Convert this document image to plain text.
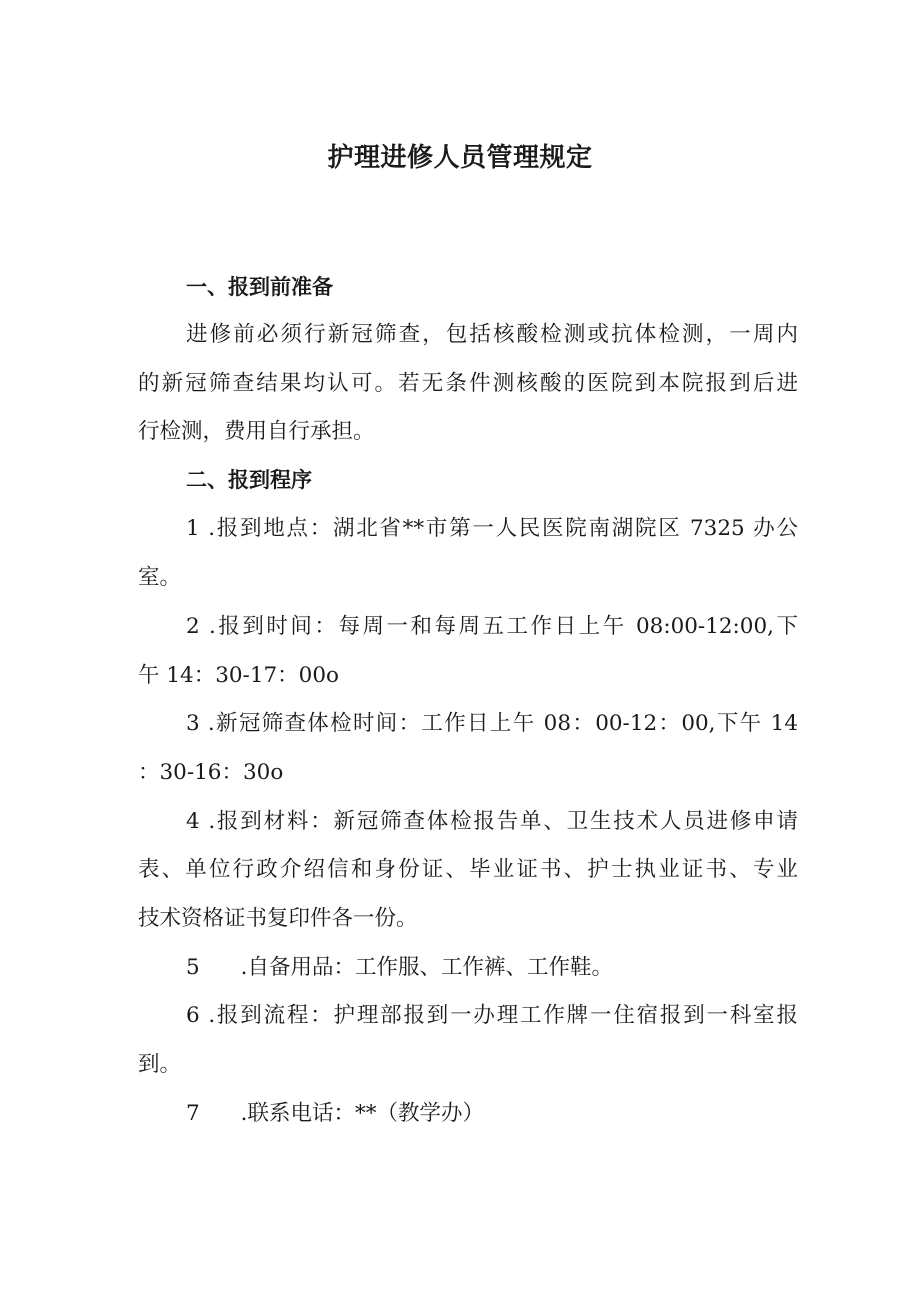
护理进修人员管理规定
一、报到前准备
进修前必须行新冠筛查，包括核酸检测或抗体检测，一周内
的新冠筛查结果均认可。若无条件测核酸的医院到本院报到后进
行检测，费用自行承担。
二、报到程序
1 .报到地点：湖北省**市第一人民医院南湖院区 7325 办公
室。
2 .报到时间：每周一和每周五工作日上午 08:00-12:00,下
午 14：30-17：00o
3 .新冠筛查体检时间：工作日上午 08：00-12：00,下午 14
：30-16：30o
4 .报到材料：新冠筛查体检报告单、卫生技术人员进修申请
表、单位行政介绍信和身份证、毕业证书、护士执业证书、专业
技术资格证书复印件各一份。
5      .自备用品：工作服、工作裤、工作鞋。
6 .报到流程：护理部报到一办理工作牌一住宿报到一科室报
到。
7      .联系电话：**（教学办）
